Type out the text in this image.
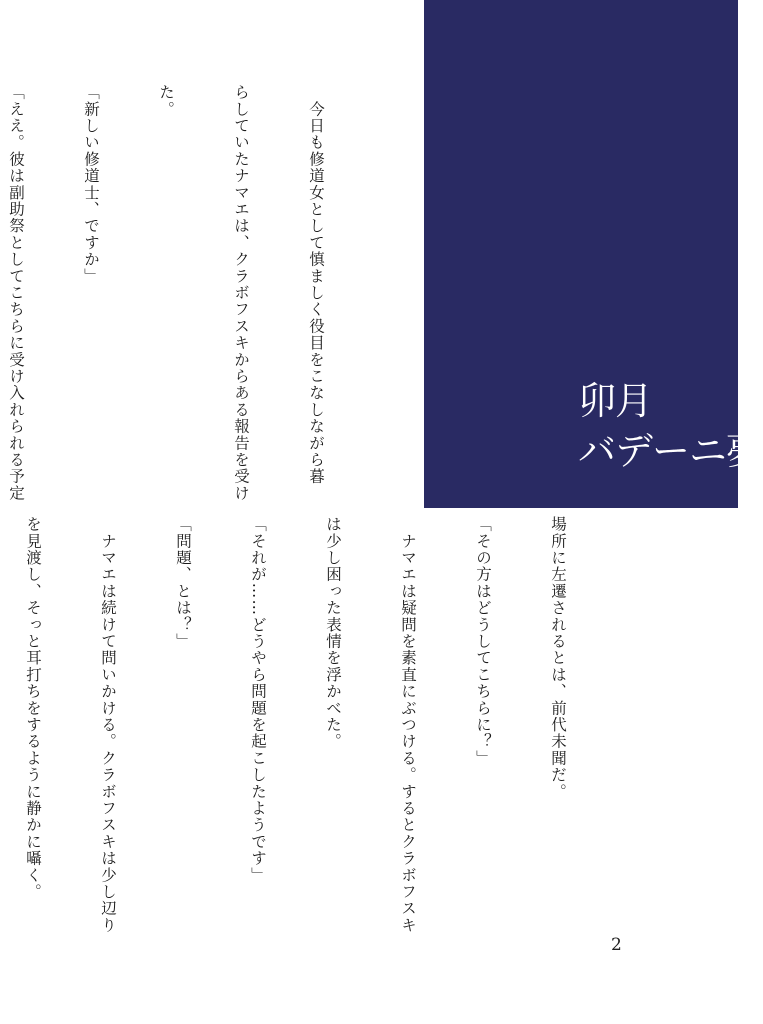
　今日も修道女として慎ましく役目をこなしながら暮

らしていたナマエは、クラボフスキからある報告を受け

た。

「新しい修道士、ですか」

「ええ。彼は副助祭としてこちらに受け入れられる予定

	卯月
バデーニ夢

場所に左遷されるとは、前代未聞だ。

「その方はどうしてこちらに？」

　ナマエは疑問を素直にぶつける。するとクラボフスキ

は少し困った表情を浮かべた。

「それが……どうやら問題を起こしたようです」

「問題、とは？」

　ナマエは続けて問いかける。クラボフスキは少し辺り

を見渡し、そっと耳打ちをするように静かに囁く。

2
